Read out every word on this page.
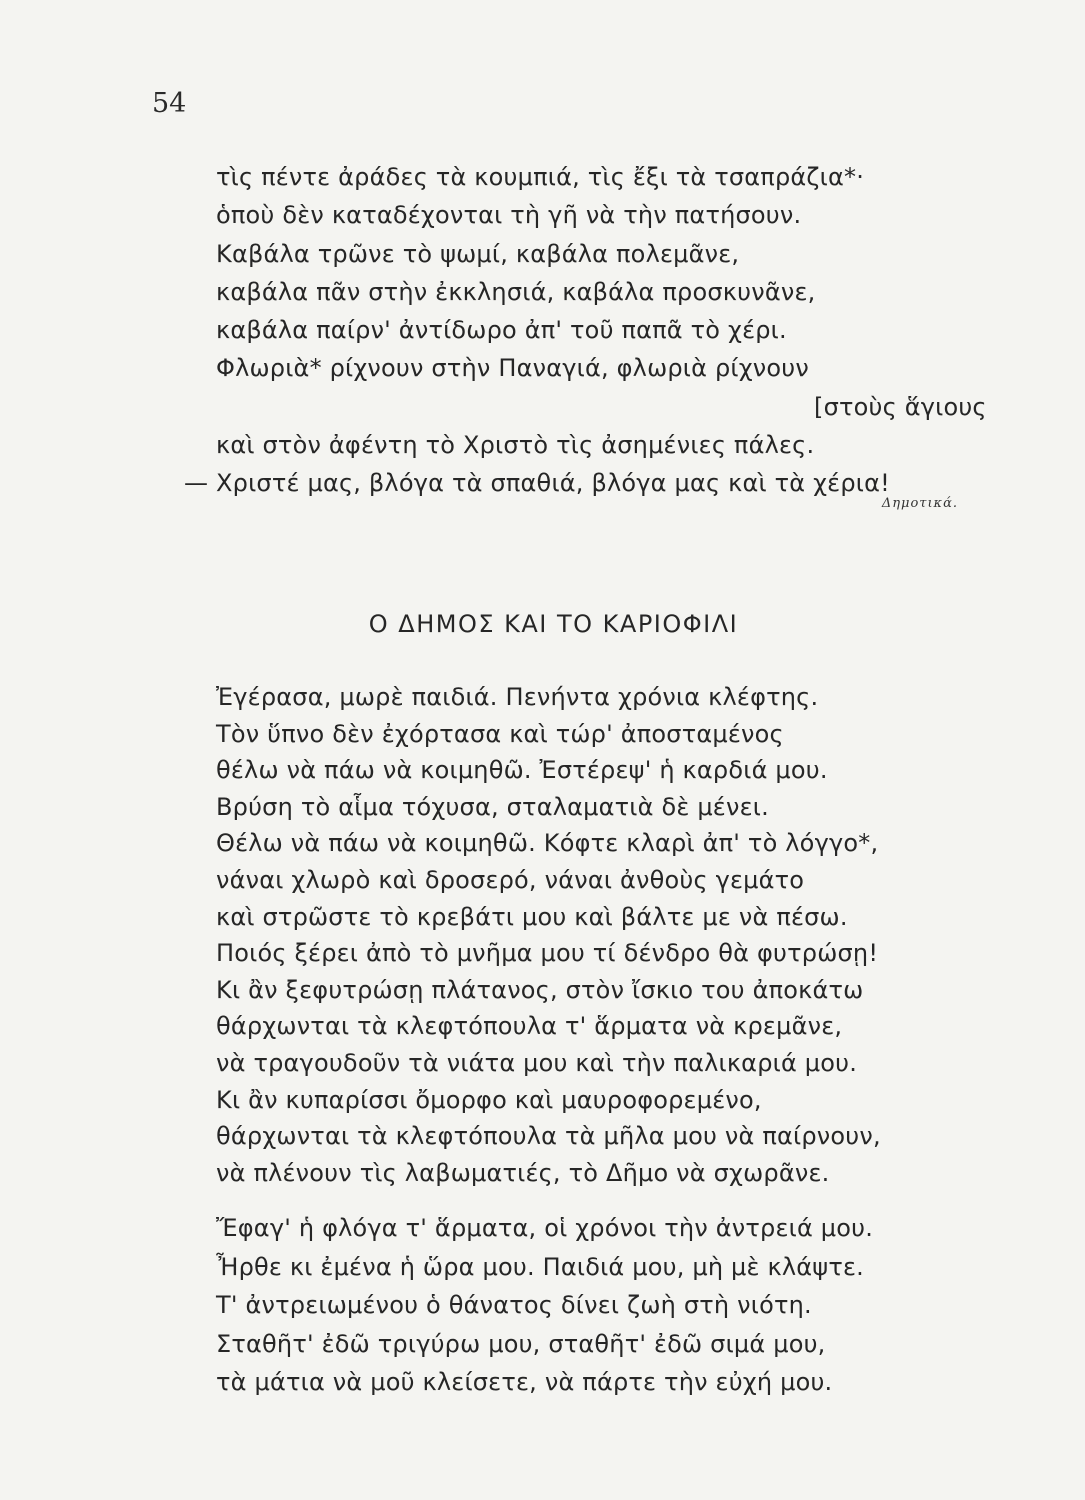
54
τὶς πέντε ἀράδες τὰ κουμπιά, τὶς ἔξι τὰ τσαπράζια*·
ὁποὺ δὲν καταδέχονται τὴ γῆ νὰ τὴν πατήσουν.
Καβάλα τρῶνε τὸ ψωμί, καβάλα πολεμᾶνε,
καβάλα πᾶν στὴν ἐκκλησιά, καβάλα προσκυνᾶνε,
καβάλα παίρν' ἀντίδωρο ἀπ' τοῦ παπᾶ τὸ χέρι.
Φλωριὰ* ρίχνουν στὴν Παναγιά, φλωριὰ ρίχνουν
[στοὺς ἅγιους
καὶ στὸν ἀφέντη τὸ Χριστὸ τὶς ἀσημένιες πάλες.
— Χριστέ μας, βλόγα τὰ σπαθιά, βλόγα μας καὶ τὰ χέρια!
Δημοτικά.
Ο ΔΗΜΟΣ ΚΑΙ ΤΟ ΚΑΡΙΟΦΙΛΙ
Ἐγέρασα, μωρὲ παιδιά. Πενήντα χρόνια κλέφτης.
Τὸν ὕπνο δὲν ἐχόρτασα καὶ τώρ' ἀποσταμένος
θέλω νὰ πάω νὰ κοιμηθῶ. Ἐστέρεψ' ἡ καρδιά μου.
Βρύση τὸ αἷμα τόχυσα, σταλαματιὰ δὲ μένει.
Θέλω νὰ πάω νὰ κοιμηθῶ. Κόφτε κλαρὶ ἀπ' τὸ λόγγο*,
νάναι χλωρὸ καὶ δροσερό, νάναι ἀνθοὺς γεμάτο
καὶ στρῶστε τὸ κρεβάτι μου καὶ βάλτε με νὰ πέσω.
Ποιός ξέρει ἀπὸ τὸ μνῆμα μου τί δένδρο θὰ φυτρώσῃ!
Κι ἂν ξεφυτρώσῃ πλάτανος, στὸν ἴσκιο του ἀποκάτω
θάρχωνται τὰ κλεφτόπουλα τ' ἅρματα νὰ κρεμᾶνε,
νὰ τραγουδοῦν τὰ νιάτα μου καὶ τὴν παλικαριά μου.
Κι ἂν κυπαρίσσι ὄμορφο καὶ μαυροφορεμένο,
θάρχωνται τὰ κλεφτόπουλα τὰ μῆλα μου νὰ παίρνουν,
νὰ πλένουν τὶς λαβωματιές, τὸ Δῆμο νὰ σχωρᾶνε.
Ἔφαγ' ἡ φλόγα τ' ἅρματα, οἱ χρόνοι τὴν ἀντρειά μου.
Ἦρθε κι ἐμένα ἡ ὥρα μου. Παιδιά μου, μὴ μὲ κλάψτε.
Τ' ἀντρειωμένου ὁ θάνατος δίνει ζωὴ στὴ νιότη.
Σταθῆτ' ἐδῶ τριγύρω μου, σταθῆτ' ἐδῶ σιμά μου,
τὰ μάτια νὰ μοῦ κλείσετε, νὰ πάρτε τὴν εὐχή μου.
